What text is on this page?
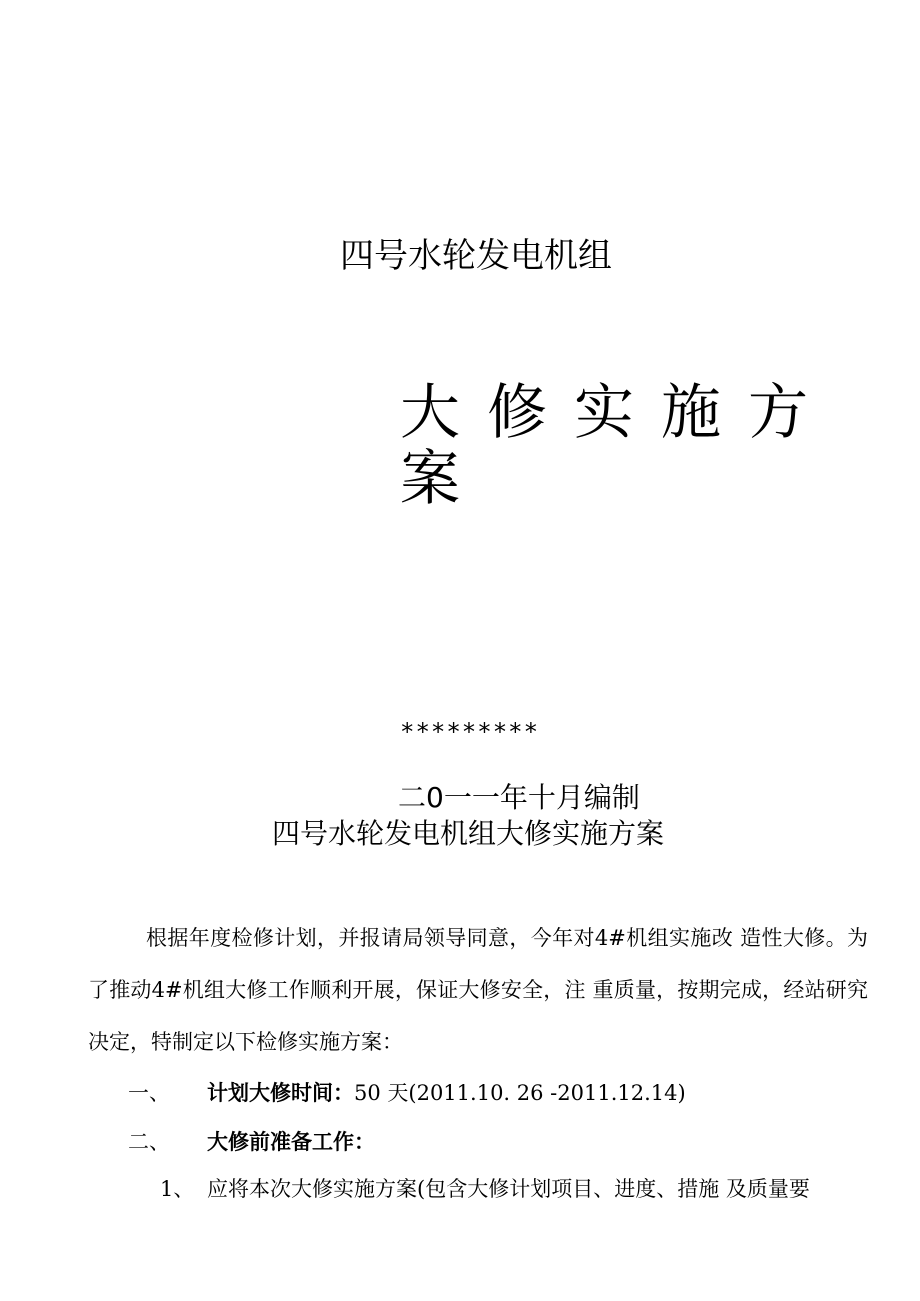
四号水轮发电机组
大修实施方案
*********
二0一一年十月编制
四号水轮发电机组大修实施方案
根据年度检修计划，并报请局领导同意，今年对4#机组实施改 造性大修。为了推动4#机组大修工作顺利开展，保证大修安全，注 重质量，按期完成，经站研究决定，特制定以下检修实施方案：
一、 计划大修时间：50 天(2011.10. 26 -2011.12.14)
二、 大修前准备工作：
1、 应将本次大修实施方案(包含大修计划项目、进度、措施 及质量要
